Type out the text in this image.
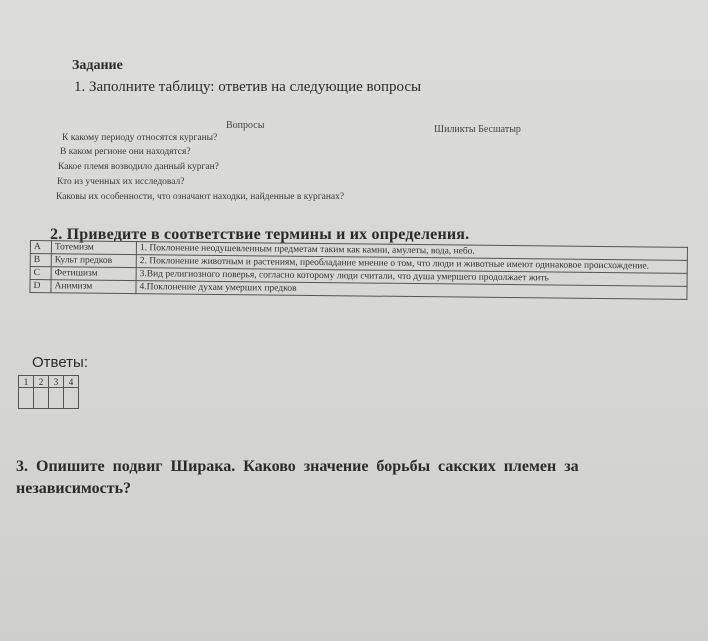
Задание
1. Заполните таблицу: ответив на следующие вопросы
Вопросы	Шиликты Бесшатыр
К какому периоду относятся курганы?
В каком регионе они находятся?
Какое племя возводило данный курган?
Кто из ученных их исследовал?
Каковы их особенности, что означают находки, найденные в курганах?
2. Приведите в соответствие термины и их определения.
A	Тотемизм	1. Поклонение неодушевленным предметам таким как камни, амулеты, вода, небо.
B	Культ предков	2. Поклонение животным и растениям, преобладание мнение о том, что люди и животные имеют одинаковое происхождение.
C	Фетишизм	3.Вид религиозного поверья, согласно которому люди считали, что душа умершего продолжает жить
D	Анимизм	4.Поклонение духам умерших предков
Ответы:
1	2	3	4

3. Опишите подвиг Ширака. Каково значение борьбы сакских племен за независимость?
